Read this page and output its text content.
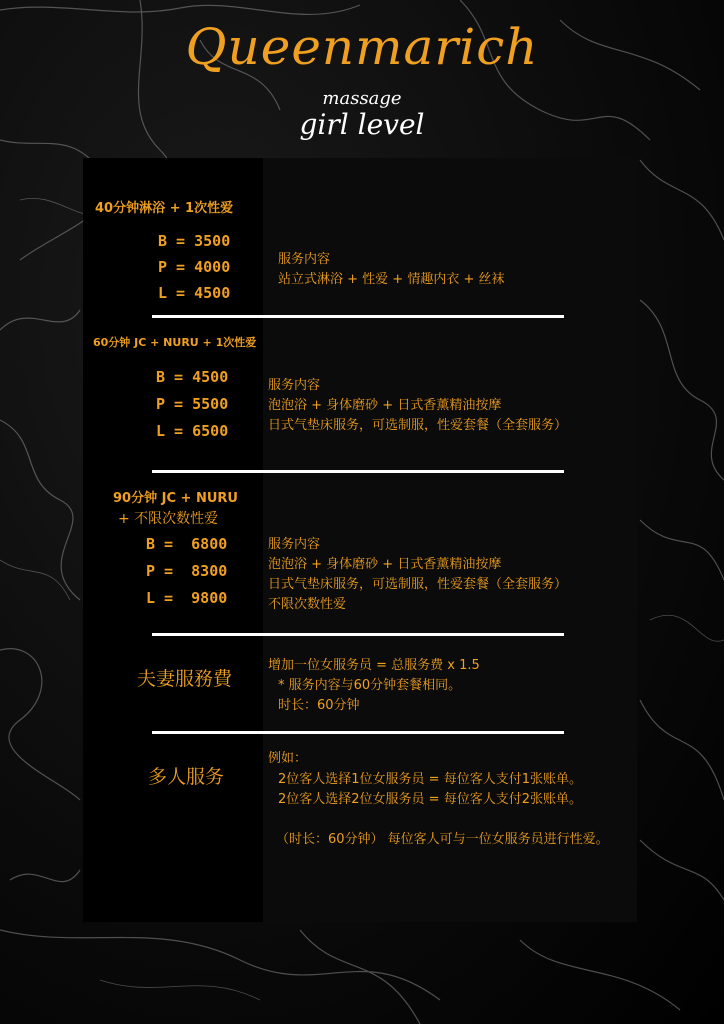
Queenmarich
massage
girl level
40分钟淋浴 + 1次性爱
B = 3500
P = 4000
L = 4500
服务内容
站立式淋浴 + 性爱 + 情趣内衣 + 丝袜
60分钟 JC + NURU + 1次性爱
B = 4500
P = 5500
L = 6500
服务内容
泡泡浴 + 身体磨砂 + 日式香薰精油按摩
日式气垫床服务，可选制服，性爱套餐（全套服务）
90分钟 JC + NURU
+ 不限次数性爱
B =  6800
P =  8300
L =  9800
服务内容
泡泡浴 + 身体磨砂 + 日式香薰精油按摩
日式气垫床服务，可选制服，性爱套餐（全套服务）
不限次数性爱
夫妻服務費
增加一位女服务员 = 总服务费 x 1.5
* 服务内容与60分钟套餐相同。
时长：60分钟
多人服务
例如：
2位客人选择1位女服务员 = 每位客人支付1张账单。
2位客人选择2位女服务员 = 每位客人支付2张账单。
（时长：60分钟） 每位客人可与一位女服务员进行性爱。
